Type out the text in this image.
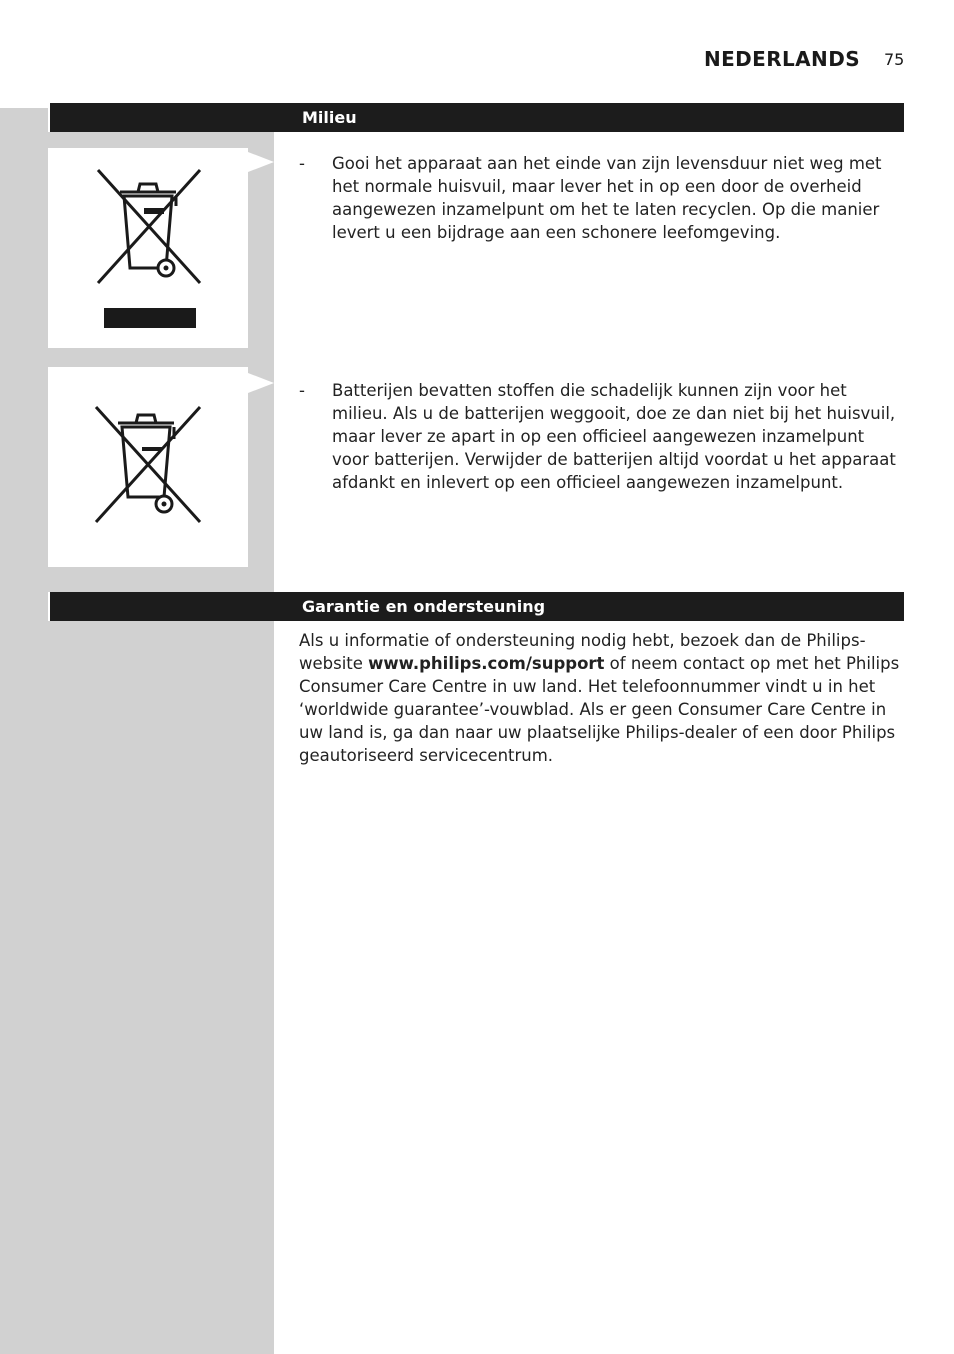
NEDERLANDS 75
Milieu
- Gooi het apparaat aan het einde van zijn levensduur niet weg met het normale huisvuil, maar lever het in op een door de overheid aangewezen inzamelpunt om het te laten recyclen. Op die manier levert u een bijdrage aan een schonere leefomgeving.
- Batterijen bevatten stoffen die schadelijk kunnen zijn voor het milieu. Als u de batterijen weggooit, doe ze dan niet bij het huisvuil, maar lever ze apart in op een officieel aangewezen inzamelpunt voor batterijen. Verwijder de batterijen altijd voordat u het apparaat afdankt en inlevert op een officieel aangewezen inzamelpunt.
Garantie en ondersteuning
Als u informatie of ondersteuning nodig hebt, bezoek dan de Philips-website www.philips.com/support of neem contact op met het Philips Consumer Care Centre in uw land. Het telefoonnummer vindt u in het ‘worldwide guarantee’-vouwblad. Als er geen Consumer Care Centre in uw land is, ga dan naar uw plaatselijke Philips-dealer of een door Philips geautoriseerd servicecentrum.
